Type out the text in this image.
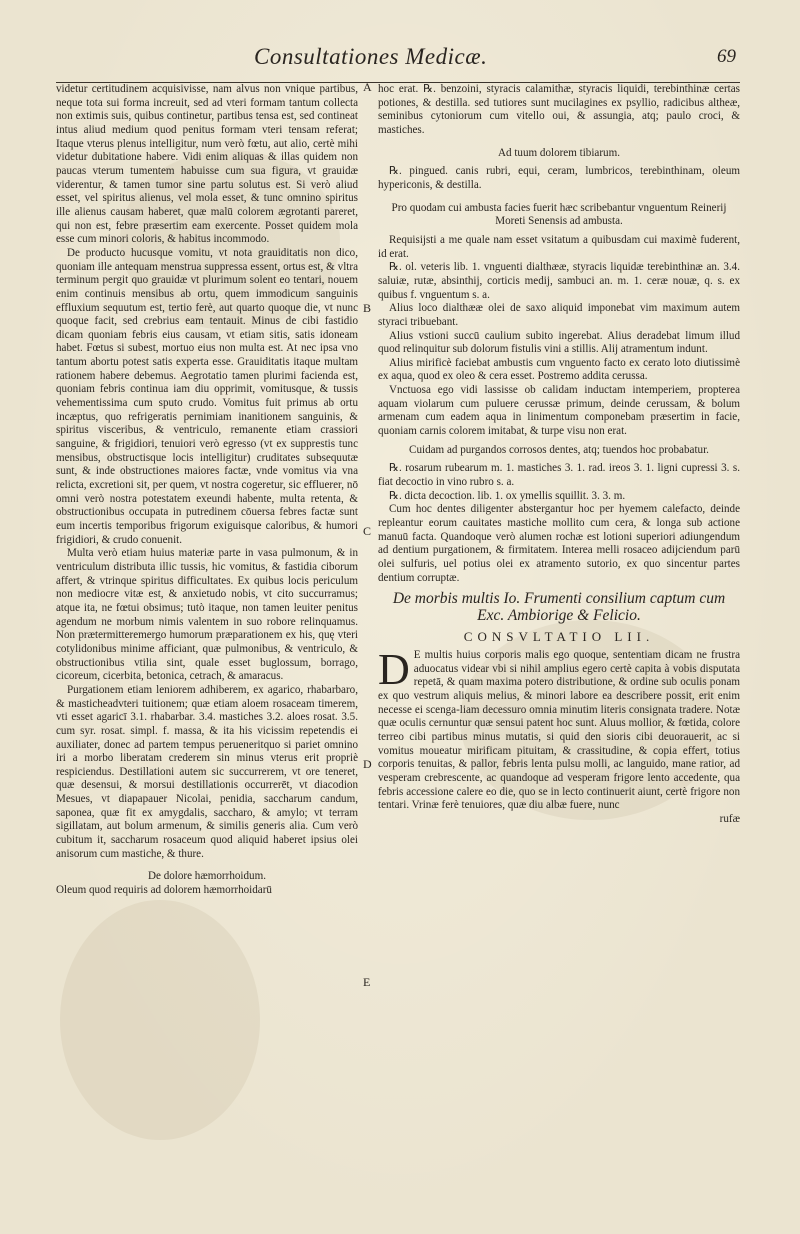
Consultationes Medicæ.	69
A
B
C
D
E

videtur certitudinem acquisivisse, nam alvus non vnique partibus, neque tota sui forma increuit, sed ad vteri formam tantum collecta non extimis suis, quibus continetur, partibus tensa est, sed contineat intus aliud medium quod penitus formam vteri tensam referat; Itaque vterus plenus intelligitur, num verò fœtu, aut alio, certè mihi videtur dubitatione habere. Vidi enim aliquas & illas quidem non paucas vterum tumentem habuisse cum sua figura, vt grauidæ viderentur, & tamen tumor sine partu solutus est. Si verò aliud esset, vel spiritus alienus, vel mola esset, & tunc omnino spiritus ille alienus causam haberet, quæ malū colorem ægrotanti pareret, qui non est, febre præsertim eam exercente. Posset quidem mola esse cum minori coloris, & habitus incommodo.

De producto hucusque vomitu, vt nota grauiditatis non dico, quoniam ille antequam menstrua suppressa essent, ortus est, & vltra terminum pergit quo grauidæ vt plurimum solent eo tentari, nouem enim continuis mensibus ab ortu, quem immodicum sanguinis effluxium sequutum est, tertio ferè, aut quarto quoque die, vt nunc quoque facit, sed crebrius eam tentauit. Minus de cibi fastidio dicam quoniam febris eius causam, vt etiam sitis, satis idoneam habet. Fœtus si subest, mortuo eius non multa est. At nec ipsa vno tantum abortu potest satis experta esse. Grauiditatis itaque multam rationem habere debemus. Aegrotatio tamen plurimi facienda est, quoniam febris continua iam diu opprimit, vomitusque, & tussis vehementissima cum sputo crudo. Vomitus fuit primus ab ortu incæptus, quo refrigeratis pernimiam inanitionem sanguinis, & spiritus visceribus, & ventriculo, remanente etiam crassiori sanguine, & frigidiori, tenuiori verò egresso (vt ex supprestis tunc mensibus, obstructisque locis intelligitur) cruditates subsequutæ sunt, & inde obstructiones maiores factæ, vnde vomitus via vna relicta, excretioni sit, per quem, vt nostra cogeretur, sic effluerer, nō omni verò nostra potestatem exeundi habente, multa retenta, & obstructionibus occupata in putredinem cōuersa febres factæ sunt eum incertis temporibus frigorum exiguisque caloribus, & humori frigidiori, & crudo conuenit.

Multa verò etiam huius materiæ parte in vasa pulmonum, & in ventriculum distributa illic tussis, hic vomitus, & fastidia ciborum affert, & vtrinque spiritus difficultates. Ex quibus locis periculum non mediocre vitæ est, & anxietudo nobis, vt cito succurramus; atque ita, ne fœtui obsimus; tutò itaque, non tamen leuiter penitus agendum ne morbum nimis valentem in suo robore relinquamus. Non prætermitteremergo humorum præparationem ex his, quę vteri cotylidonibus minime afficiant, quæ pulmonibus, & ventriculo, & obstructionibus vtilia sint, quale esset buglossum, borrago, cicoreum, cicerbita, betonica, cetrach, & amaracus.

Purgationem etiam leniorem adhiberem, ex agarico, rhabarbaro, & masticheadvteri tuitionem; quæ etiam aloem rosaceam timerem, vti esset agaricī 3.1. rhabarbar. 3.4. mastiches 3.2. aloes rosat. 3.5. cum syr. rosat. simpl. f. massa, & ita his vicissim repetendis ei auxiliater, donec ad partem tempus perueneritquo si pariet omnino iri a morbo liberatam crederem sin minus vterus erit propriè respiciendus. Destillationi autem sic succurrerem, vt ore teneret, quæ desensui, & morsui destillationis occurrerēt, vt diacodion Mesues, vt diapapauer Nicolai, penidia, saccharum candum, saponea, quæ fit ex amygdalis, saccharo, & amylo; vt terram sigillatam, aut bolum armenum, & similis generis alia. Cum verò cubitum it, saccharum rosaceum quod aliquid haberet ipsius olei anisorum cum mastiche, & thure.

De dolore hæmorrhoidum.

Oleum quod requiris ad dolorem hæmorrhoidarū

hoc erat. ℞. benzoini, styracis calamithæ, styracis liquidi, terebinthinæ certas potiones, & destilla. sed tutiores sunt mucilagines ex psyllio, radicibus altheæ, seminibus cytoniorum cum vitello oui, & assungia, atq; paulo croci, & mastiches.

Ad tuum dolorem tibiarum.

℞. pingued. canis rubri, equi, ceram, lumbricos, terebinthinam, oleum hypericonis, & destilla.

Pro quodam cui ambusta facies fuerit hæc scribebantur vnguentum Reinerij Moreti Senensis ad ambusta.

Requisijsti a me quale nam esset vsitatum a quibusdam cui maximè fuderent, id erat.

℞. ol. veteris lib. 1. vnguenti dialthææ, styracis liquidæ terebinthinæ an. 3.4. saluiæ, rutæ, absinthij, corticis medij, sambuci an. m. 1. ceræ nouæ, q. s. ex quibus f. vnguentum s. a.

Alius loco dialthææ olei de saxo aliquid imponebat vim maximum autem styraci tribuebant.

Alius vstioni succū caulium subito ingerebat. Alius deradebat limum illud quod relinquitur sub dolorum fistulis vini a stillis. Alij atramentum indunt.

Alius mirificè faciebat ambustis cum vnguento facto ex cerato loto diutissimè ex aqua, quod ex oleo & cera esset. Postremo addita cerussa.

Vnctuosa ego vidi lassisse ob calidam inductam intemperiem, propterea aquam violarum cum puluere cerussæ primum, deinde cerussam, & bolum armenam cum eadem aqua in linimentum componebam præsertim in facie, quoniam carnis colorem imitabat, & turpe visu non erat.

Cuidam ad purgandos corrosos dentes, atq; tuendos hoc probabatur.

℞. rosarum rubearum m. 1. mastiches 3. 1. rad. ireos 3. 1. ligni cupressi 3. s. fiat decoctio in vino rubro s. a.

℞. dicta decoction. lib. 1. ox ymellis squillit. 3. 3. m.

Cum hoc dentes diligenter abstergantur hoc per hyemem calefacto, deinde repleantur eorum cauitates mastiche mollito cum cera, & longa sub actione manuū facta. Quandoque verò alumen rochæ est lotioni superiori adiungendum ad dentium purgationem, & firmitatem. Interea melli rosaceo adijciendum parū olei sulfuris, uel potius olei ex atramento sutorio, ex quo sincentur partes dentium corruptæ.

De morbis multis Io. Frumenti consilium captum cum Exc. Ambiorige & Felicio.
CONSVLTATIO LII.

D E multis huius corporis malis ego quoque, sententiam dicam ne frustra aduocatus videar vbi si nihil amplius egero certè capita à vobis disputata repetā, & quam maxima potero distributione, & ordine sub oculis ponam ex quo vestrum aliquis melius, & minori labore ea describere possit, erit enim necesse ei scenga-liam decessuro omnia minutim literis consignata tradere. Notæ quæ oculis cernuntur quæ sensui patent hoc sunt. Aluus mollior, & fœtida, colore terreo cibi partibus minus mutatis, si quid den sioris cibi deuorauerit, ac si vomitus moueatur mirificam pituitam, & crassitudine, & copia effert, totius corporis tenuitas, & pallor, febris lenta pulsu molli, ac languido, mane ratior, ad vesperam crebrescente, ac quandoque ad vesperam frigore lento accedente, qua febris accessione calere eo die, quo se in lecto continuerit aiunt, certè frigore non tentari. Vrinæ ferè tenuiores, quæ diu albæ fuere, nunc

rufæ
